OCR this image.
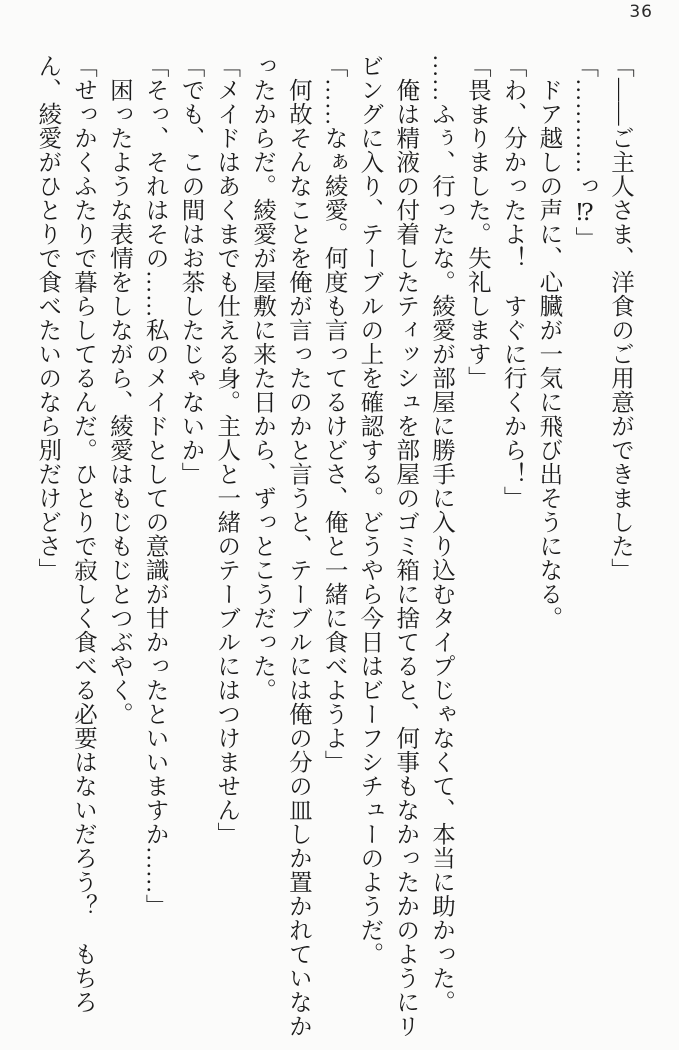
36

「――ご主人さま、洋食のご用意ができました」

「…………っ⁉」

　ドア越しの声に、心臓が一気に飛び出そうになる。

「わ、分かったよ！　すぐに行くから！」

「畏まりました。失礼します」

……ふぅ、行ったな。綾愛が部屋に勝手に入り込むタイプじゃなくて、本当に助かった。

　俺は精液の付着したティッシュを部屋のゴミ箱に捨てると、何事もなかったかのようにリビングに入り、テーブルの上を確認する。どうやら今日はビーフシチューのようだ。

「……なぁ綾愛。何度も言ってるけどさ、俺と一緒に食べようよ」

　何故そんなことを俺が言ったのかと言うと、テーブルには俺の分の皿しか置かれていなかったからだ。綾愛が屋敷に来た日から、ずっとこうだった。

「メイドはあくまでも仕える身。主人と一緒のテーブルにはつけません」

「でも、この間はお茶したじゃないか」

「そっ、それはその……私のメイドとしての意識が甘かったといいますか……」

　困ったような表情をしながら、綾愛はもじもじとつぶやく。

「せっかくふたりで暮らしてるんだ。ひとりで寂しく食べる必要はないだろう？　もちろん、綾愛がひとりで食べたいのなら別だけどさ」
